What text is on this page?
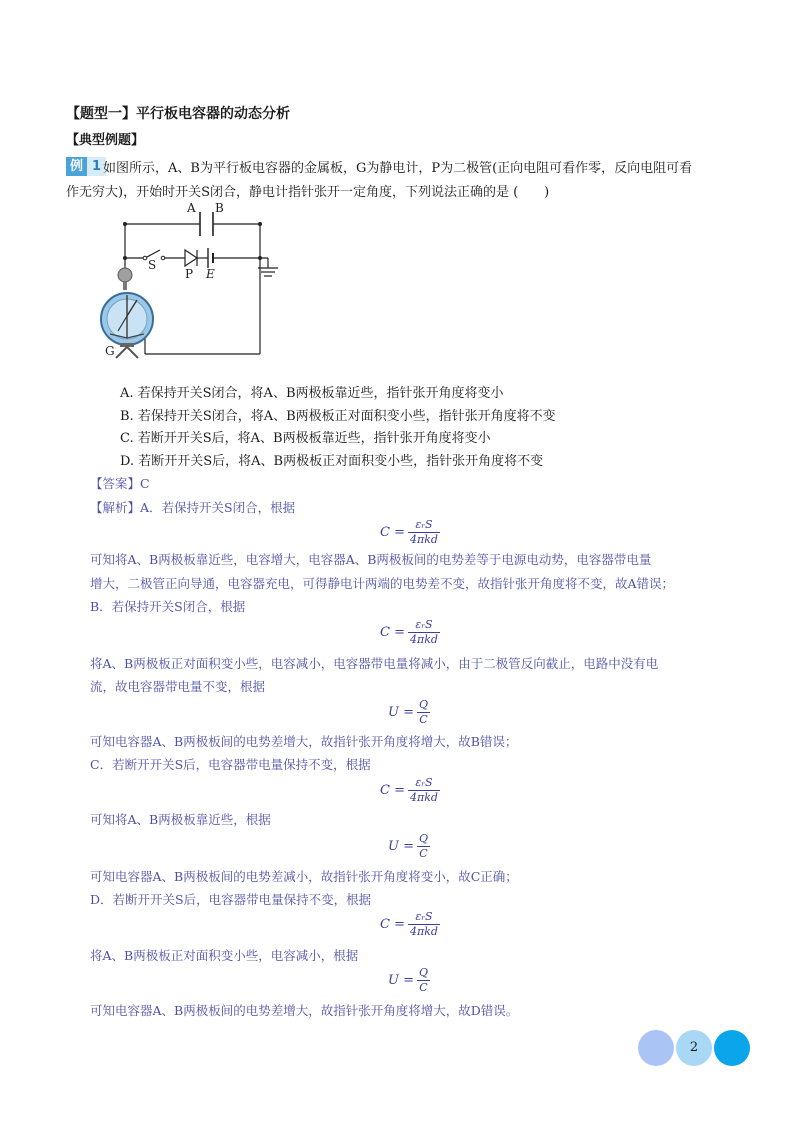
【题型一】平行板电容器的动态分析
【典型例题】
例 1 如图所示，A、B为平行板电容器的金属板，G为静电计，P为二极管(正向电阻可看作零，反向电阻可看
作无穷大)，开始时开关S闭合，静电计指针张开一定角度，下列说法正确的是 (　　)
A B
S
P E
G
A. 若保持开关S闭合，将A、B两极板靠近些，指针张开角度将变小
B. 若保持开关S闭合，将A、B两极板正对面积变小些，指针张开角度将不变
C. 若断开开关S后，将A、B两极板靠近些，指针张开角度将变小
D. 若断开开关S后，将A、B两极板正对面积变小些，指针张开角度将不变
【答案】C
【解析】A．若保持开关S闭合，根据
$C = \frac{\text{εᵣS}}{\text{4πkd}}$
可知将A、B两极板靠近些，电容增大，电容器A、B两极板间的电势差等于电源电动势，电容器带电量
增大，二极管正向导通，电容器充电，可得静电计两端的电势差不变，故指针张开角度将不变，故A错误；
B．若保持开关S闭合，根据
$C = \frac{\text{εᵣS}}{\text{4πkd}}$
将A、B两极板正对面积变小些，电容减小，电容器带电量将减小，由于二极管反向截止，电路中没有电
流，故电容器带电量不变，根据
$U = \frac{Q}{C}$
可知电容器A、B两极板间的电势差增大，故指针张开角度将增大，故B错误；
C．若断开开关S后，电容器带电量保持不变，根据
$C = \frac{\text{εᵣS}}{\text{4πkd}}$
可知将A、B两极板靠近些，根据
$U = \frac{Q}{C}$
可知电容器A、B两极板间的电势差减小，故指针张开角度将变小，故C正确；
D．若断开开关S后，电容器带电量保持不变，根据
$C = \frac{\text{εᵣS}}{\text{4πkd}}$
将A、B两极板正对面积变小些，电容减小，根据
$U = \frac{Q}{C}$
可知电容器A、B两极板间的电势差增大，故指针张开角度将增大，故D错误。
2
